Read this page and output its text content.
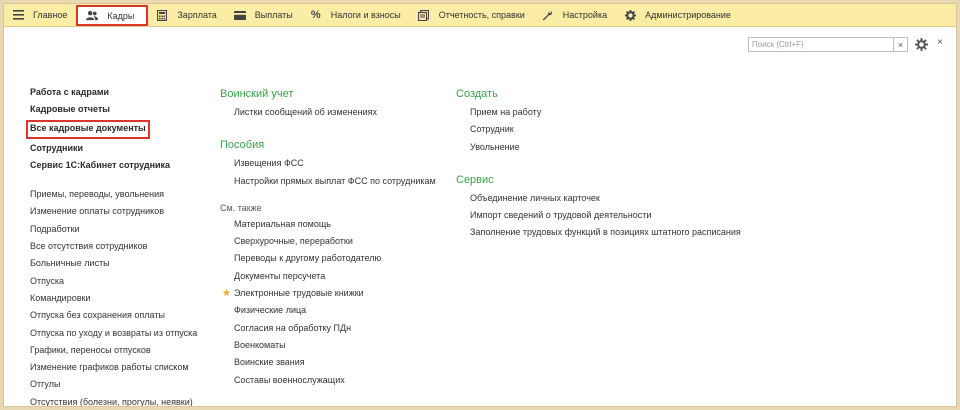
Главное	Кадры	Зарплата	Выплаты % Налоги и взносы	Отчетность, справки	Настройка	Администрирование
Поиск (Ctrl+F)
×	×
Работа с кадрами
Кадровые отчеты
Все кадровые документы
Сотрудники
Сервис 1С:Кабинет сотрудника
Приемы, переводы, увольнения
Изменение оплаты сотрудников
Подработки
Все отсутствия сотрудников
Больничные листы
Отпуска
Командировки
Отпуска без сохранения оплаты
Отпуска по уходу и возвраты из отпуска
Графики, переносы отпусков
Изменение графиков работы списком
Отгулы
Отсутствия (болезни, прогулы, неявки)
Воинский учет
Листки сообщений об изменениях
Пособия
Извещения ФСС
Настройки прямых выплат ФСС по сотрудникам
См. также
Материальная помощь
Сверхурочные, переработки
Переводы к другому работодателю
Документы персучета
★ Электронные трудовые книжки
Физические лица
Согласия на обработку ПДн
Военкоматы
Воинские звания
Составы военнослужащих
Создать
Прием на работу
Сотрудник
Увольнение
Сервис
Объединение личных карточек
Импорт сведений о трудовой деятельности
Заполнение трудовых функций в позициях штатного расписания
